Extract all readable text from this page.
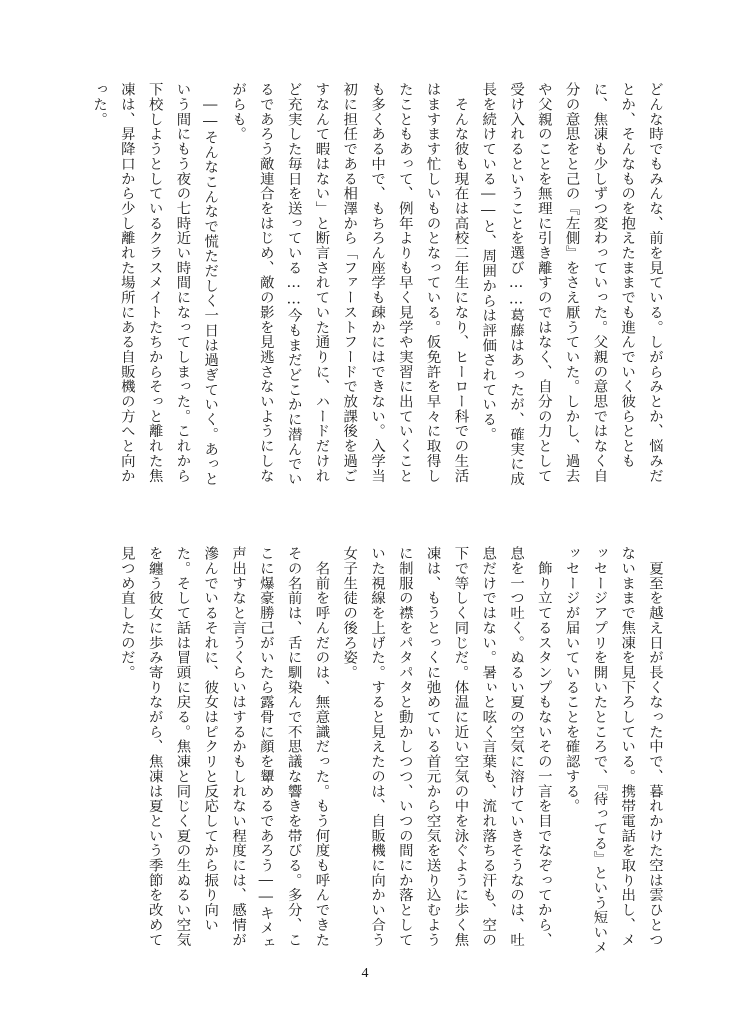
どんな時でもみんな、前を見ている。しがらみとか、悩みだとか、そんなものを抱えたままでも進んでいく彼らとともに、焦凍も少しずつ変わっていった。父親の意思ではなく自分の意思をと己の『左側』をさえ厭うていた。しかし、過去や父親のことを無理に引き離すのではなく、自分の力として受け入れるということを選び……葛藤はあったが、確実に成長を続けている――と、周囲からは評価されている。

　そんな彼も現在は高校二年生になり、ヒーロー科での生活はますます忙しいものとなっている。仮免許を早々に取得したこともあって、例年よりも早く見学や実習に出ていくことも多くある中で、もちろん座学も疎かにはできない。入学当初に担任である相澤から「ファーストフードで放課後を過ごすなんて暇はない」と断言されていた通りに、ハードだけれど充実した毎日を送っている……今もまだどこかに潜んでいるであろう敵連合をはじめ、敵の影を見逃さないようにしながらも。

　――そんなこんなで慌ただしく一日は過ぎていく。あっという間にもう夜の七時近い時間になってしまった。これから下校しようとしているクラスメイトたちからそっと離れた焦凍は、昇降口から少し離れた場所にある自販機の方へと向かった。

　夏至を越え日が長くなった中で、暮れかけた空は雲ひとつないままで焦凍を見下ろしている。携帯電話を取り出し、メッセージアプリを開いたところで、『待ってる』という短いメッセージが届いていることを確認する。

　飾り立てるスタンプもないその一言を目でなぞってから、息を一つ吐く。ぬるい夏の空気に溶けていきそうなのは、吐息だけではない。暑ぃと呟く言葉も、流れ落ちる汗も、空の下で等しく同じだ。体温に近い空気の中を泳ぐように歩く焦凍は、もうとっくに弛めている首元から空気を送り込むように制服の襟をパタパタと動かしつつ、いつの間にか落としていた視線を上げた。すると見えたのは、自販機に向かい合う女子生徒の後ろ姿。

　名前を呼んだのは、無意識だった。もう何度も呼んできたその名前は、舌に馴染んで不思議な響きを帯びる。多分、ここに爆豪勝己がいたら露骨に顔を顰めるであろう――キメェ声出すなと言うくらいはするかもしれない程度には、感情が滲んでいるそれに、彼女はピクリと反応してから振り向いた。そして話は冒頭に戻る。焦凍と同じく夏の生ぬるい空気を纏う彼女に歩み寄りながら、焦凍は夏という季節を改めて見つめ直したのだ。

4
